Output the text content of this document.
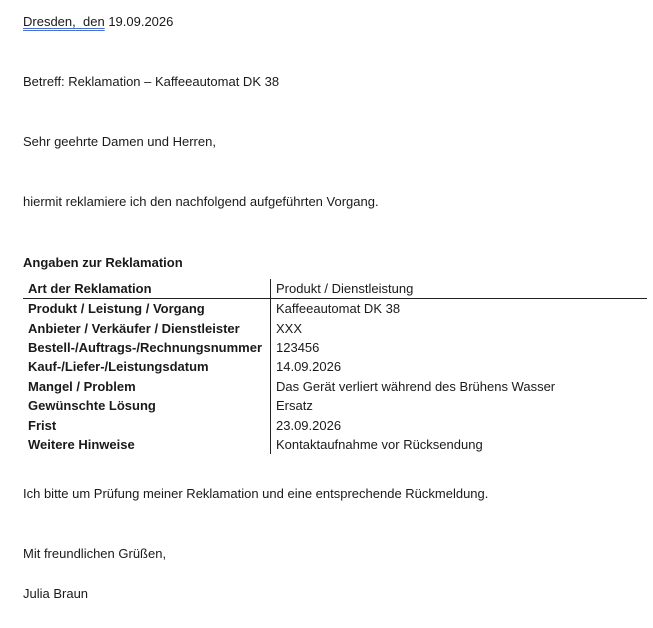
Dresden, den 19.09.2026
Betreff: Reklamation – Kaffeeautomat DK 38
Sehr geehrte Damen und Herren,
hiermit reklamiere ich den nachfolgend aufgeführten Vorgang.
Angaben zur Reklamation
Art der Reklamation	Produkt / Dienstleistung
Produkt / Leistung / Vorgang	Kaffeeautomat DK 38
Anbieter / Verkäufer / Dienstleister	XXX
Bestell-/Auftrags-/Rechnungsnummer	123456
Kauf-/Liefer-/Leistungsdatum	14.09.2026
Mangel / Problem	Das Gerät verliert während des Brühens Wasser
Gewünschte Lösung	Ersatz
Frist	23.09.2026
Weitere Hinweise	Kontaktaufnahme vor Rücksendung
Ich bitte um Prüfung meiner Reklamation und eine entsprechende Rückmeldung.
Mit freundlichen Grüßen,
Julia Braun
